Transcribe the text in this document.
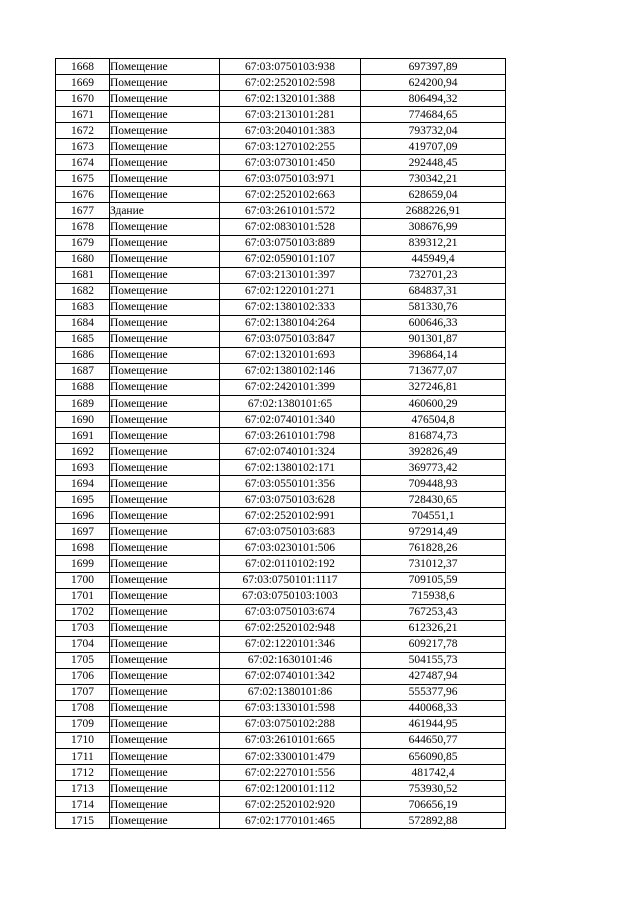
1668	Помещение	67:03:0750103:938	697397,89
1669	Помещение	67:02:2520102:598	624200,94
1670	Помещение	67:02:1320101:388	806494,32
1671	Помещение	67:03:2130101:281	774684,65
1672	Помещение	67:03:2040101:383	793732,04
1673	Помещение	67:03:1270102:255	419707,09
1674	Помещение	67:03:0730101:450	292448,45
1675	Помещение	67:03:0750103:971	730342,21
1676	Помещение	67:02:2520102:663	628659,04
1677	Здание	67:03:2610101:572	2688226,91
1678	Помещение	67:02:0830101:528	308676,99
1679	Помещение	67:03:0750103:889	839312,21
1680	Помещение	67:02:0590101:107	445949,4
1681	Помещение	67:03:2130101:397	732701,23
1682	Помещение	67:02:1220101:271	684837,31
1683	Помещение	67:02:1380102:333	581330,76
1684	Помещение	67:02:1380104:264	600646,33
1685	Помещение	67:03:0750103:847	901301,87
1686	Помещение	67:02:1320101:693	396864,14
1687	Помещение	67:02:1380102:146	713677,07
1688	Помещение	67:02:2420101:399	327246,81
1689	Помещение	67:02:1380101:65	460600,29
1690	Помещение	67:02:0740101:340	476504,8
1691	Помещение	67:03:2610101:798	816874,73
1692	Помещение	67:02:0740101:324	392826,49
1693	Помещение	67:02:1380102:171	369773,42
1694	Помещение	67:03:0550101:356	709448,93
1695	Помещение	67:03:0750103:628	728430,65
1696	Помещение	67:02:2520102:991	704551,1
1697	Помещение	67:03:0750103:683	972914,49
1698	Помещение	67:03:0230101:506	761828,26
1699	Помещение	67:02:0110102:192	731012,37
1700	Помещение	67:03:0750101:1117	709105,59
1701	Помещение	67:03:0750103:1003	715938,6
1702	Помещение	67:03:0750103:674	767253,43
1703	Помещение	67:02:2520102:948	612326,21
1704	Помещение	67:02:1220101:346	609217,78
1705	Помещение	67:02:1630101:46	504155,73
1706	Помещение	67:02:0740101:342	427487,94
1707	Помещение	67:02:1380101:86	555377,96
1708	Помещение	67:03:1330101:598	440068,33
1709	Помещение	67:03:0750102:288	461944,95
1710	Помещение	67:03:2610101:665	644650,77
1711	Помещение	67:02:3300101:479	656090,85
1712	Помещение	67:02:2270101:556	481742,4
1713	Помещение	67:02:1200101:112	753930,52
1714	Помещение	67:02:2520102:920	706656,19
1715	Помещение	67:02:1770101:465	572892,88
